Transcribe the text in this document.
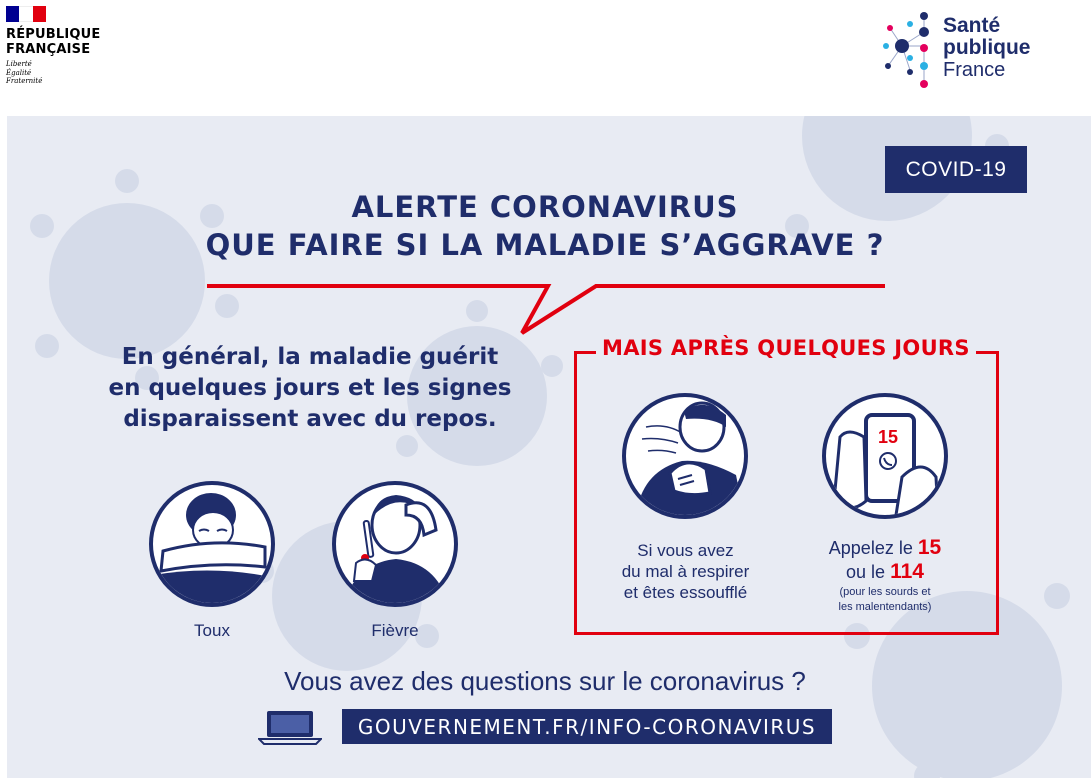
RÉPUBLIQUE
FRANÇAISE
Liberté
Égalité
Fraternité
Santé
publique
France
COVID-19
ALERTE CORONAVIRUS
QUE FAIRE SI LA MALADIE S’AGGRAVE ?
En général, la maladie guérit
en quelques jours et les signes
disparaissent avec du repos.
Toux	Fièvre
MAIS APRÈS QUELQUES JOURS
15
Si vous avez
du mal à respirer
et êtes essoufflé
Appelez le 15
ou le 114
(pour les sourds et
les malentendants)
Vous avez des questions sur le coronavirus ?
GOUVERNEMENT.FR/INFO-CORONAVIRUS
